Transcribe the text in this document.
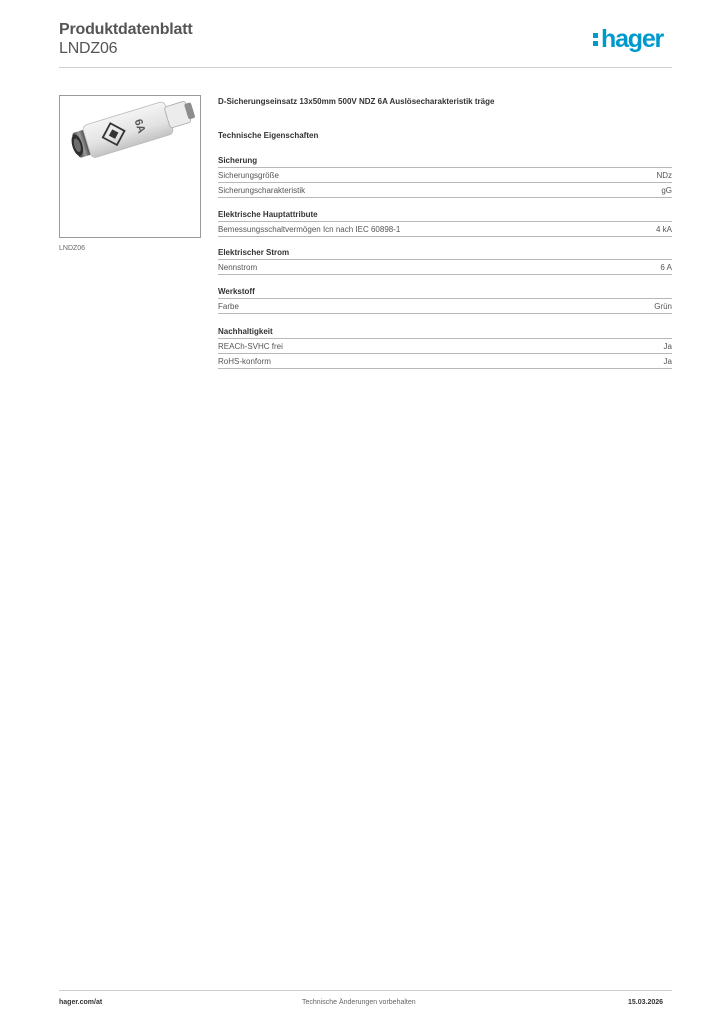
Produktdatenblatt
LNDZ06	hager
6A
LNDZ06
D-Sicherungseinsatz 13x50mm 500V NDZ 6A Auslösecharakteristik träge
Technische Eigenschaften
Sicherung
Sicherungsgröße	NDz
Sicherungscharakteristik	gG
Elektrische Hauptattribute
Bemessungsschaltvermögen Icn nach IEC 60898-1	4 kA
Elektrischer Strom
Nennstrom	6 A
Werkstoff
Farbe	Grün
Nachhaltigkeit
REACh-SVHC frei	Ja
RoHS-konform	Ja
hager.com/at	Technische Änderungen vorbehalten	15.03.2026
